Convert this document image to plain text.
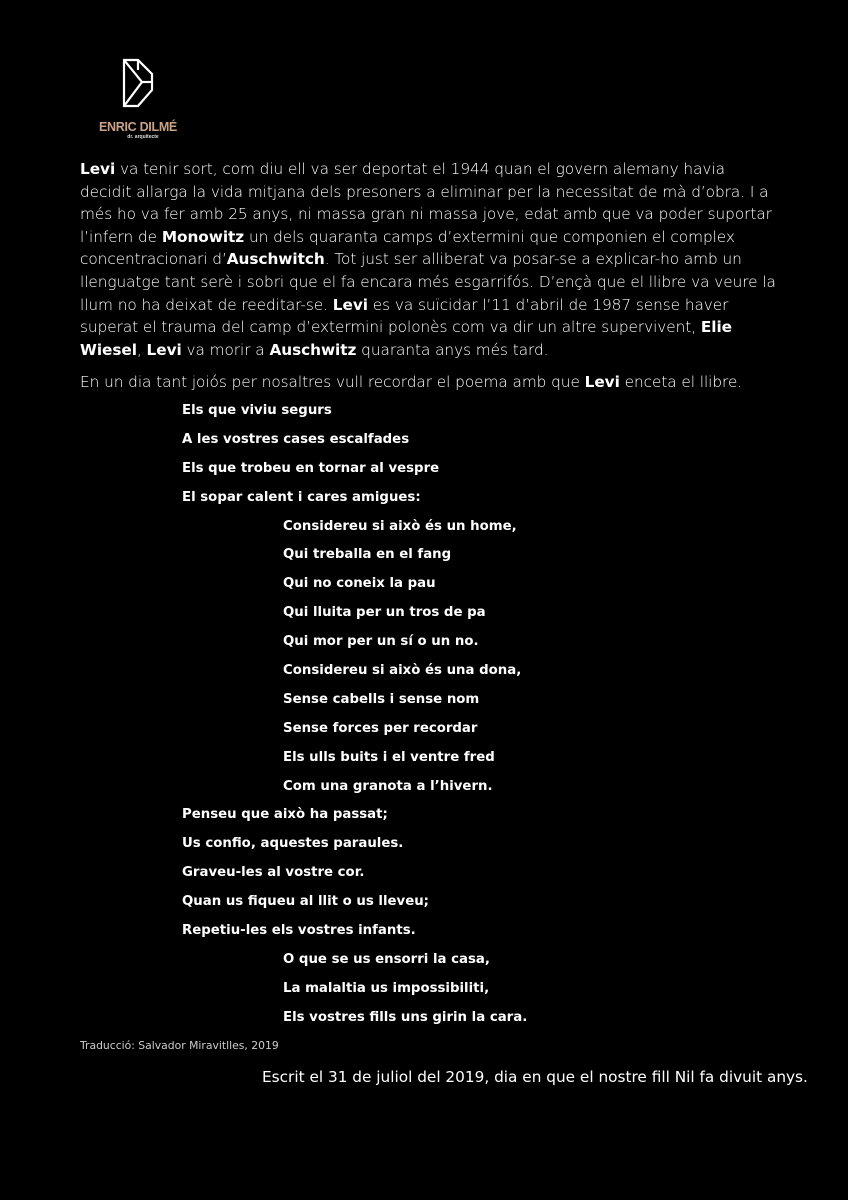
ENRIC DILMÉ
dr. arquitecte

Levi va tenir sort, com diu ell va ser deportat el 1944 quan el govern alemany havia decidit allarga la vida mitjana dels presoners a eliminar per la necessitat de mà d’obra. I a més ho va fer amb 25 anys, ni massa gran ni massa jove, edat amb que va poder suportar l’infern de Monowitz un dels quaranta camps d’extermini que componien el complex concentracionari d’Auschwitch. Tot just ser alliberat va posar-se a explicar-ho amb un llenguatge tant serè i sobri que el fa encara més esgarrifós. D’ençà que el llibre va veure la llum no ha deixat de reeditar-se. Levi es va suïcidar l’11 d’abril de 1987 sense haver superat el trauma del camp d’extermini polonès com va dir un altre supervivent, Elie Wiesel, Levi va morir a Auschwitz quaranta anys més tard.

En un dia tant joiós per nosaltres vull recordar el poema amb que Levi enceta el llibre.

Els que viviu segurs
A les vostres cases escalfades
Els que trobeu en tornar al vespre
El sopar calent i cares amigues:
Considereu si això és un home,
Qui treballa en el fang
Qui no coneix la pau
Qui lluita per un tros de pa
Qui mor per un sí o un no.
Considereu si això és una dona,
Sense cabells i sense nom
Sense forces per recordar
Els ulls buits i el ventre fred
Com una granota a l’hivern.
Penseu que això ha passat;
Us confio, aquestes paraules.
Graveu-les al vostre cor.
Quan us fiqueu al llit o us lleveu;
Repetiu-les els vostres infants.
O que se us ensorri la casa,
La malaltia us impossibiliti,
Els vostres fills uns girin la cara.
Traducció: Salvador Miravitlles, 2019
Escrit el 31 de juliol del 2019, dia en que el nostre fill Nil fa divuit anys.
